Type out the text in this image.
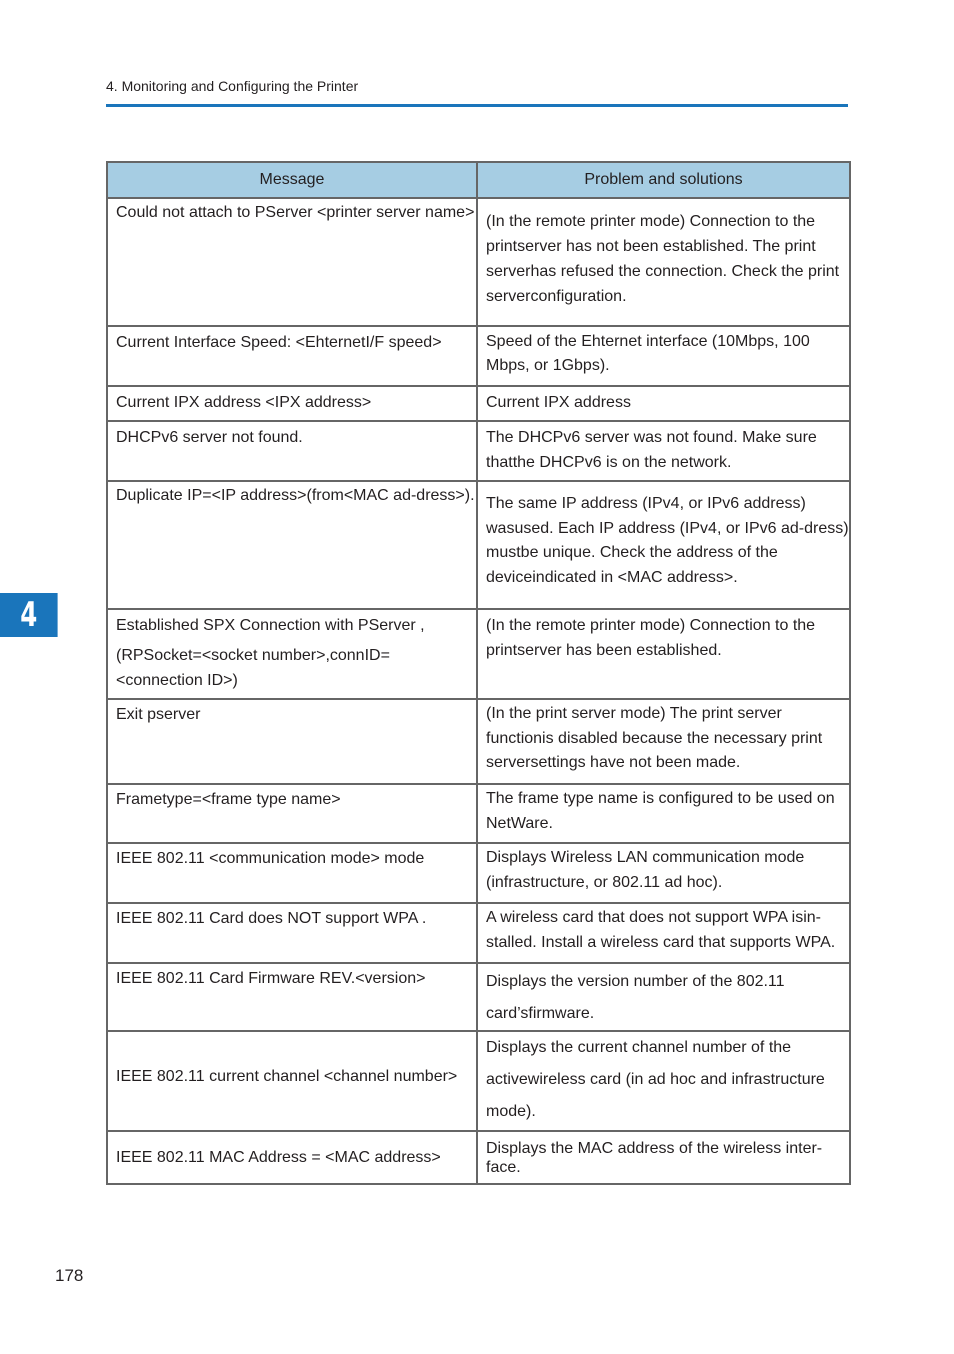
4. Monitoring and Configuring the Printer
4
Message	Problem and solutions

Could not attach to PServer <printer server name>	(In the remote printer mode) Connection to the printserver has not been established. The print serverhas refused the connection. Check the print serverconfiguration.

Current Interface Speed: <EhternetI/F speed>	Speed of the Ehternet interface (10Mbps, 100 Mbps, or 1Gbps).

Current IPX address <IPX address>	Current IPX address

DHCPv6 server not found.	The DHCPv6 server was not found. Make sure thatthe DHCPv6 is on the network.

Duplicate IP=<IP address>(from<MAC ad-dress>).	The same IP address (IPv4, or IPv6 address) wasused. Each IP address (IPv4, or IPv6 ad-dress) mustbe unique. Check the address of the deviceindicated in <MAC address>.

Established SPX Connection with PServer ,
(RPSocket=<socket number>,connID=<connection ID>)	(In the remote printer mode) Connection to the printserver has been established.

Exit pserver	(In the print server mode) The print server functionis disabled because the necessary print serversettings have not been made.

Frametype=<frame type name>	The frame type name is configured to be used on NetWare.

IEEE 802.11 <communication mode> mode	Displays Wireless LAN communication mode (infrastructure, or 802.11 ad hoc).

IEEE 802.11 Card does NOT support WPA .	A wireless card that does not support WPA isin-stalled. Install a wireless card that supports WPA.

IEEE 802.11 Card Firmware REV.<version>	Displays the version number of the 802.11 card’sfirmware.

IEEE 802.11 current channel <channel number>	Displays the current channel number of the activewireless card (in ad hoc and infrastructure mode).

IEEE 802.11 MAC Address = <MAC address>	Displays the MAC address of the wireless inter-face.
178
